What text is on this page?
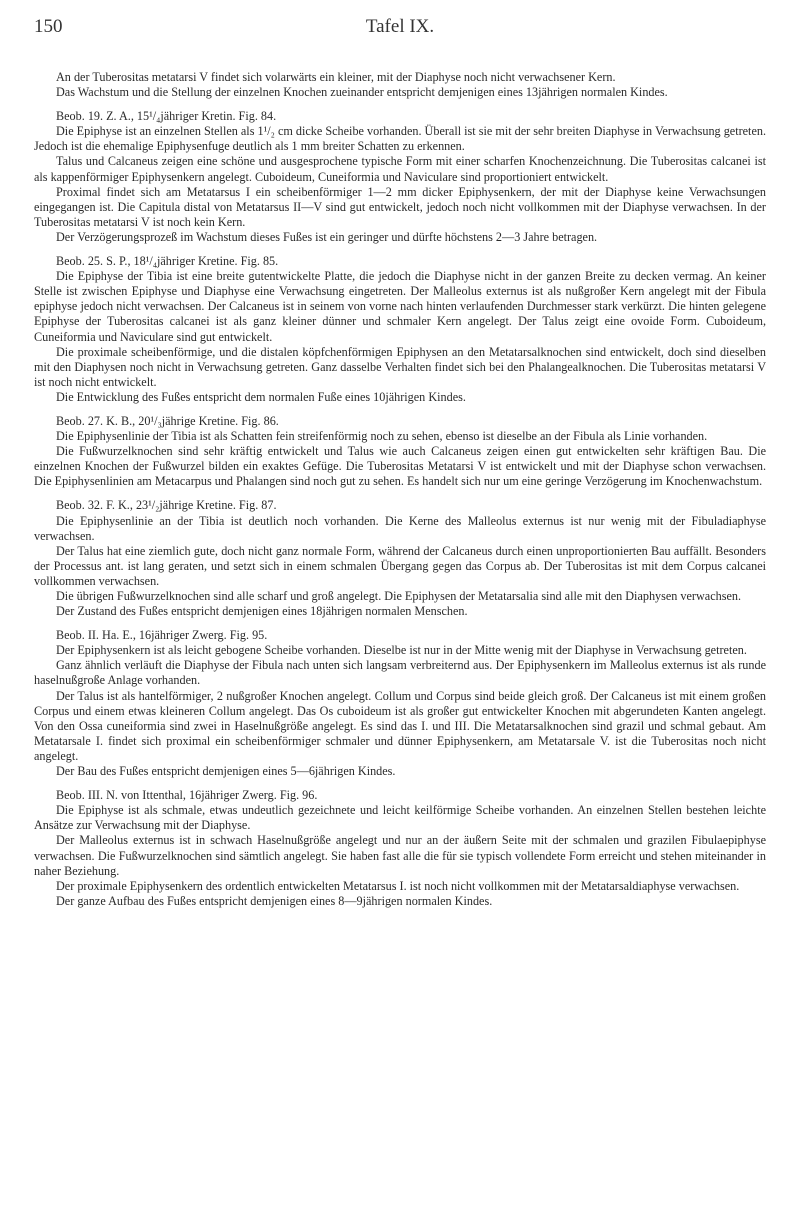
150	Tafel IX.

An der Tuberositas metatarsi V findet sich volarwärts ein kleiner, mit der Diaphyse noch nicht verwachsener Kern.

Das Wachstum und die Stellung der einzelnen Knochen zueinander entspricht demjenigen eines 13jährigen normalen Kindes.

Beob. 19. Z. A., 15¹/₄jähriger Kretin. Fig. 84.

Die Epiphyse ist an einzelnen Stellen als 1¹/₂ cm dicke Scheibe vorhanden. Überall ist sie mit der sehr breiten Diaphyse in Verwachsung getreten. Jedoch ist die ehemalige Epiphysenfuge deutlich als 1 mm breiter Schatten zu erkennen.

Talus und Calcaneus zeigen eine schöne und ausgesprochene typische Form mit einer scharfen Knochenzeichnung. Die Tuberositas calcanei ist als kappenförmiger Epiphysenkern angelegt. Cuboideum, Cuneiformia und Naviculare sind proportioniert entwickelt.

Proximal findet sich am Metatarsus I ein scheibenförmiger 1—2 mm dicker Epiphysenkern, der mit der Diaphyse keine Verwachsungen eingegangen ist. Die Capitula distal von Metatarsus II—V sind gut entwickelt, jedoch noch nicht vollkommen mit der Diaphyse verwachsen. In der Tuberositas metatarsi V ist noch kein Kern.

Der Verzögerungsprozeß im Wachstum dieses Fußes ist ein geringer und dürfte höchstens 2—3 Jahre betragen.

Beob. 25. S. P., 18¹/₄jähriger Kretine. Fig. 85.

Die Epiphyse der Tibia ist eine breite gutentwickelte Platte, die jedoch die Diaphyse nicht in der ganzen Breite zu decken vermag. An keiner Stelle ist zwischen Epiphyse und Diaphyse eine Verwachsung eingetreten. Der Malleolus externus ist als nußgroßer Kern angelegt mit der Fibula epiphyse jedoch nicht verwachsen. Der Calcaneus ist in seinem von vorne nach hinten verlaufenden Durchmesser stark verkürzt. Die hinten gelegene Epiphyse der Tuberositas calcanei ist als ganz kleiner dünner und schmaler Kern angelegt. Der Talus zeigt eine ovoide Form. Cuboideum, Cuneiformia und Naviculare sind gut entwickelt.

Die proximale scheibenförmige, und die distalen köpfchenförmigen Epiphysen an den Metatarsalknochen sind entwickelt, doch sind dieselben mit den Diaphysen noch nicht in Verwachsung getreten. Ganz dasselbe Verhalten findet sich bei den Phalangealknochen. Die Tuberositas metatarsi V ist noch nicht entwickelt.

Die Entwicklung des Fußes entspricht dem normalen Fuße eines 10jährigen Kindes.

Beob. 27. K. B., 20¹/₃jährige Kretine. Fig. 86.

Die Epiphysenlinie der Tibia ist als Schatten fein streifenförmig noch zu sehen, ebenso ist dieselbe an der Fibula als Linie vorhanden.

Die Fußwurzelknochen sind sehr kräftig entwickelt und Talus wie auch Calcaneus zeigen einen gut entwickelten sehr kräftigen Bau. Die einzelnen Knochen der Fußwurzel bilden ein exaktes Gefüge. Die Tuberositas Metatarsi V ist entwickelt und mit der Diaphyse schon verwachsen. Die Epiphysenlinien am Metacarpus und Phalangen sind noch gut zu sehen. Es handelt sich nur um eine geringe Verzögerung im Knochenwachstum.

Beob. 32. F. K., 23¹/₂jährige Kretine. Fig. 87.

Die Epiphysenlinie an der Tibia ist deutlich noch vorhanden. Die Kerne des Malleolus externus ist nur wenig mit der Fibuladiaphyse verwachsen.

Der Talus hat eine ziemlich gute, doch nicht ganz normale Form, während der Calcaneus durch einen unproportionierten Bau auffällt. Besonders der Processus ant. ist lang geraten, und setzt sich in einem schmalen Übergang gegen das Corpus ab. Der Tuberositas ist mit dem Corpus calcanei vollkommen verwachsen.

Die übrigen Fußwurzelknochen sind alle scharf und groß angelegt. Die Epiphysen der Metatarsalia sind alle mit den Diaphysen verwachsen.

Der Zustand des Fußes entspricht demjenigen eines 18jährigen normalen Menschen.

Beob. II. Ha. E., 16jähriger Zwerg. Fig. 95.

Der Epiphysenkern ist als leicht gebogene Scheibe vorhanden. Dieselbe ist nur in der Mitte wenig mit der Diaphyse in Verwachsung getreten.

Ganz ähnlich verläuft die Diaphyse der Fibula nach unten sich langsam verbreiternd aus. Der Epiphysenkern im Malleolus externus ist als runde haselnußgroße Anlage vorhanden.

Der Talus ist als hantelförmiger, 2 nußgroßer Knochen angelegt. Collum und Corpus sind beide gleich groß. Der Calcaneus ist mit einem großen Corpus und einem etwas kleineren Collum angelegt. Das Os cuboideum ist als großer gut entwickelter Knochen mit abgerundeten Kanten angelegt. Von den Ossa cuneiformia sind zwei in Haselnußgröße angelegt. Es sind das I. und III. Die Metatarsalknochen sind grazil und schmal gebaut. Am Metatarsale I. findet sich proximal ein scheibenförmiger schmaler und dünner Epiphysenkern, am Metatarsale V. ist die Tuberositas noch nicht angelegt.

Der Bau des Fußes entspricht demjenigen eines 5—6jährigen Kindes.

Beob. III. N. von Ittenthal, 16jähriger Zwerg. Fig. 96.

Die Epiphyse ist als schmale, etwas undeutlich gezeichnete und leicht keilförmige Scheibe vorhanden. An einzelnen Stellen bestehen leichte Ansätze zur Verwachsung mit der Diaphyse.

Der Malleolus externus ist in schwach Haselnußgröße angelegt und nur an der äußern Seite mit der schmalen und grazilen Fibulaepiphyse verwachsen. Die Fußwurzelknochen sind sämtlich angelegt. Sie haben fast alle die für sie typisch vollendete Form erreicht und stehen miteinander in naher Beziehung.

Der proximale Epiphysenkern des ordentlich entwickelten Metatarsus I. ist noch nicht vollkommen mit der Metatarsaldiaphyse verwachsen.

Der ganze Aufbau des Fußes entspricht demjenigen eines 8—9jährigen normalen Kindes.
